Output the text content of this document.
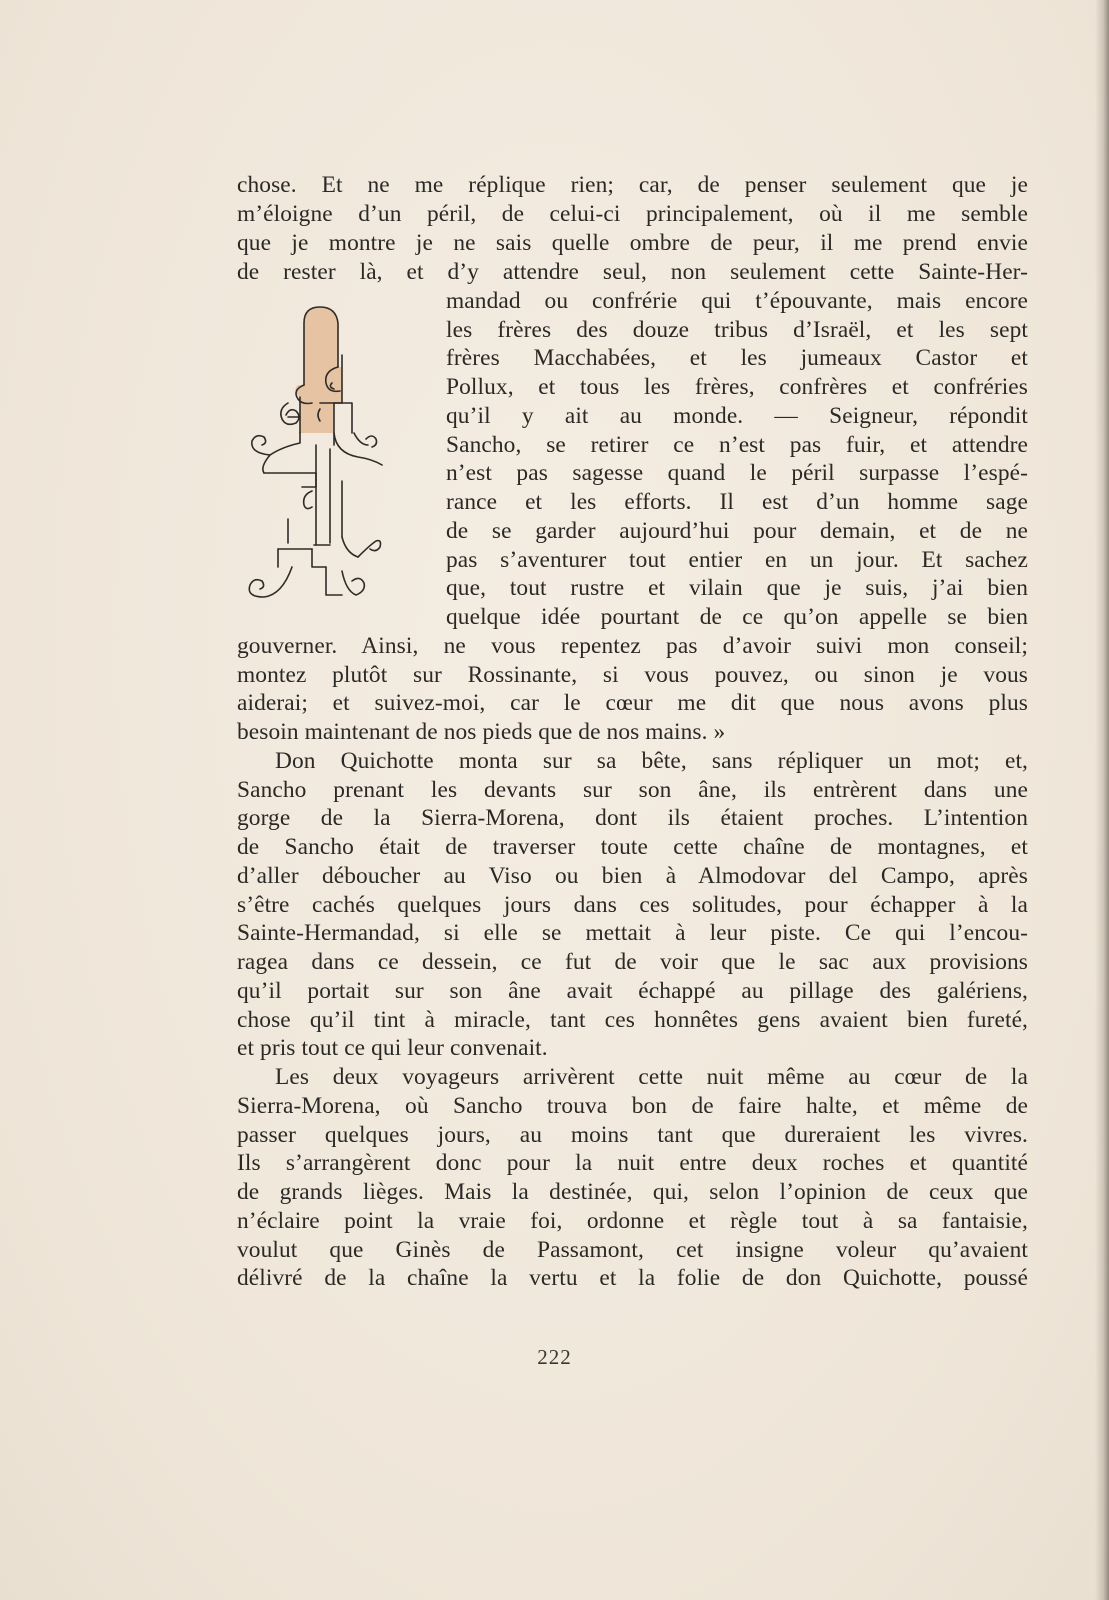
chose. Et ne me réplique rien; car, de penser seulement que je
m’éloigne d’un péril, de celui-ci principalement, où il me semble
que je montre je ne sais quelle ombre de peur, il me prend envie
de rester là, et d’y attendre seul, non seulement cette Sainte-Her-
mandad ou confrérie qui t’épouvante, mais encore
les frères des douze tribus d’Israël, et les sept
frères Macchabées, et les jumeaux Castor et
Pollux, et tous les frères, confrères et confréries
qu’il y ait au monde. — Seigneur, répondit
Sancho, se retirer ce n’est pas fuir, et attendre
n’est pas sagesse quand le péril surpasse l’espé-
rance et les efforts. Il est d’un homme sage
de se garder aujourd’hui pour demain, et de ne
pas s’aventurer tout entier en un jour. Et sachez
que, tout rustre et vilain que je suis, j’ai bien
quelque idée pourtant de ce qu’on appelle se bien
gouverner. Ainsi, ne vous repentez pas d’avoir suivi mon conseil;
montez plutôt sur Rossinante, si vous pouvez, ou sinon je vous
aiderai; et suivez-moi, car le cœur me dit que nous avons plus
besoin maintenant de nos pieds que de nos mains. »
Don Quichotte monta sur sa bête, sans répliquer un mot; et,
Sancho prenant les devants sur son âne, ils entrèrent dans une
gorge de la Sierra-Morena, dont ils étaient proches. L’intention
de Sancho était de traverser toute cette chaîne de montagnes, et
d’aller déboucher au Viso ou bien à Almodovar del Campo, après
s’être cachés quelques jours dans ces solitudes, pour échapper à la
Sainte-Hermandad, si elle se mettait à leur piste. Ce qui l’encou-
ragea dans ce dessein, ce fut de voir que le sac aux provisions
qu’il portait sur son âne avait échappé au pillage des galériens,
chose qu’il tint à miracle, tant ces honnêtes gens avaient bien fureté,
et pris tout ce qui leur convenait.
Les deux voyageurs arrivèrent cette nuit même au cœur de la
Sierra-Morena, où Sancho trouva bon de faire halte, et même de
passer quelques jours, au moins tant que dureraient les vivres.
Ils s’arrangèrent donc pour la nuit entre deux roches et quantité
de grands lièges. Mais la destinée, qui, selon l’opinion de ceux que
n’éclaire point la vraie foi, ordonne et règle tout à sa fantaisie,
voulut que Ginès de Passamont, cet insigne voleur qu’avaient
délivré de la chaîne la vertu et la folie de don Quichotte, poussé
222
